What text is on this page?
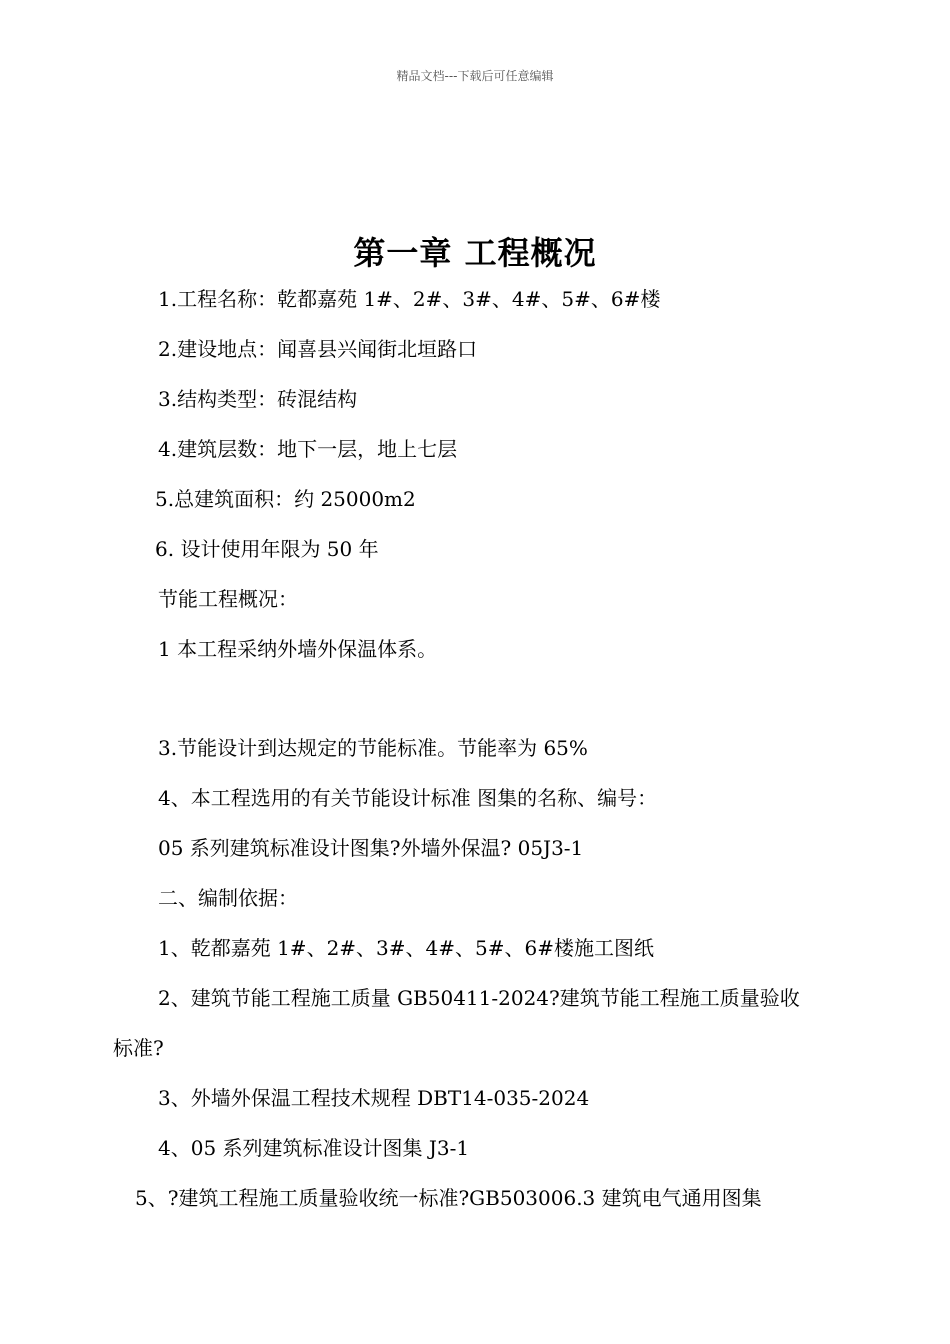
精品文档---下载后可任意编辑
第一章 工程概况
1.工程名称：乾都嘉苑 1#、2#、3#、4#、5#、6#楼
2.建设地点：闻喜县兴闻街北垣路口
3.结构类型：砖混结构
4.建筑层数：地下一层，地上七层
5.总建筑面积：约 25000m2
6. 设计使用年限为 50 年
节能工程概况：
1 本工程采纳外墙外保温体系。
3.节能设计到达规定的节能标准。节能率为 65%
4、本工程选用的有关节能设计标准 图集的名称、编号：
05 系列建筑标准设计图集?外墙外保温? 05J3-1
二、编制依据：
1、乾都嘉苑 1#、2#、3#、4#、5#、6#楼施工图纸
2、建筑节能工程施工质量 GB50411-2024?建筑节能工程施工质量验收
标准?
3、外墙外保温工程技术规程 DBT14-035-2024
4、05 系列建筑标准设计图集 J3-1
5、?建筑工程施工质量验收统一标准?GB503006.3 建筑电气通用图集
